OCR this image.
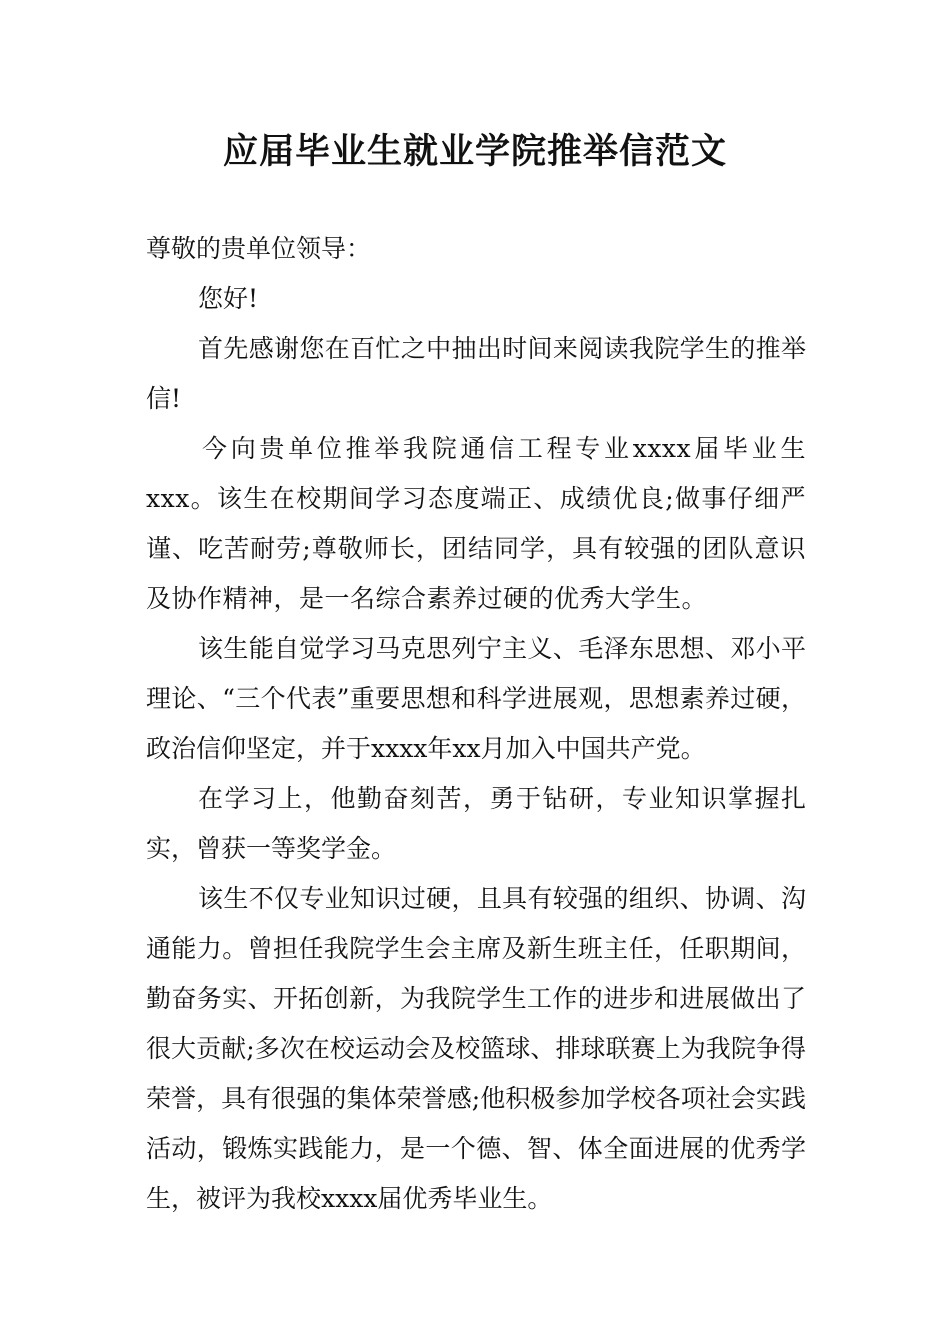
应届毕业生就业学院推举信范文

尊敬的贵单位领导：

您好!

首先感谢您在百忙之中抽出时间来阅读我院学生的推举信!

今向贵单位推举我院通信工程专业xxxx届毕业生xxx。该生在校期间学习态度端正、成绩优良;做事仔细严谨、吃苦耐劳;尊敬师长，团结同学，具有较强的团队意识及协作精神，是一名综合素养过硬的优秀大学生。

该生能自觉学习马克思列宁主义、毛泽东思想、邓小平理论、“三个代表”重要思想和科学进展观，思想素养过硬，政治信仰坚定，并于xxxx年xx月加入中国共产党。

在学习上，他勤奋刻苦，勇于钻研，专业知识掌握扎实，曾获一等奖学金。

该生不仅专业知识过硬，且具有较强的组织、协调、沟通能力。曾担任我院学生会主席及新生班主任，任职期间，勤奋务实、开拓创新，为我院学生工作的进步和进展做出了很大贡献;多次在校运动会及校篮球、排球联赛上为我院争得荣誉，具有很强的集体荣誉感;他积极参加学校各项社会实践活动，锻炼实践能力，是一个德、智、体全面进展的优秀学生，被评为我校xxxx届优秀毕业生。
